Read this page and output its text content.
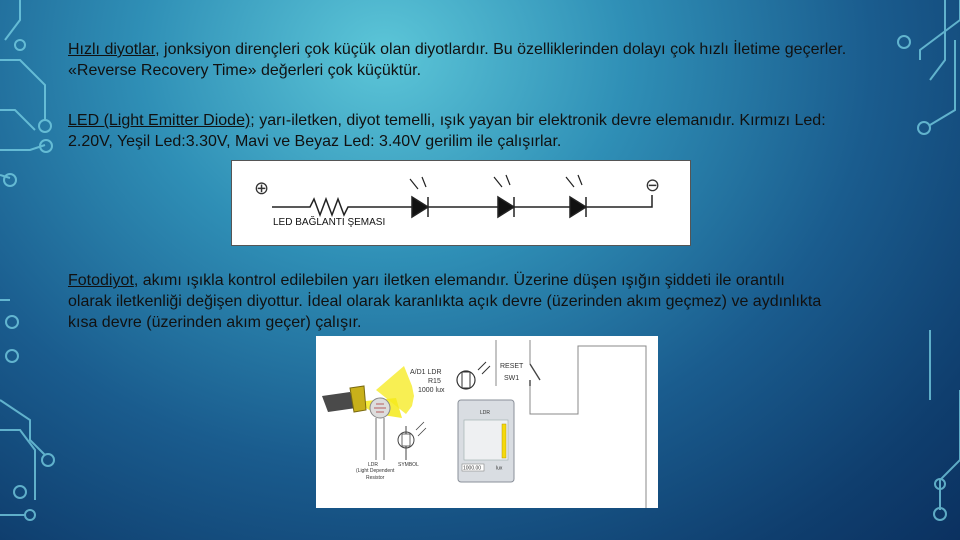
Hızlı diyotlar, jonksiyon dirençleri çok küçük olan diyotlardır. Bu özelliklerinden dolayı çok hızlı İletime geçerler. «Reverse Recovery Time» değerleri çok küçüktür.
LED (Light Emitter Diode); yarı-iletken, diyot temelli, ışık yayan bir elektronik devre elemanıdır. Kırmızı Led: 2.20V, Yeşil Led:3.30V, Mavi ve Beyaz Led: 3.40V gerilim ile çalışırlar.
⊕	⊖
LED BAĞLANTI ŞEMASI
Fotodiyot, akımı ışıkla kontrol edilebilen yarı iletken elemandır. Üzerine düşen ışığın şiddeti ile orantılı olarak iletkenliği değişen diyottur. İdeal olarak karanlıkta açık devre (üzerinden akım geçmez) ve aydınlıkta kısa devre (üzerinden akım geçer) çalışır.
A/D1 LDR
R15
1000 lux
RESET
SW1
LDR
1000.00	lux
LDR
(Light Dependent
Resistor
SYMBOL
